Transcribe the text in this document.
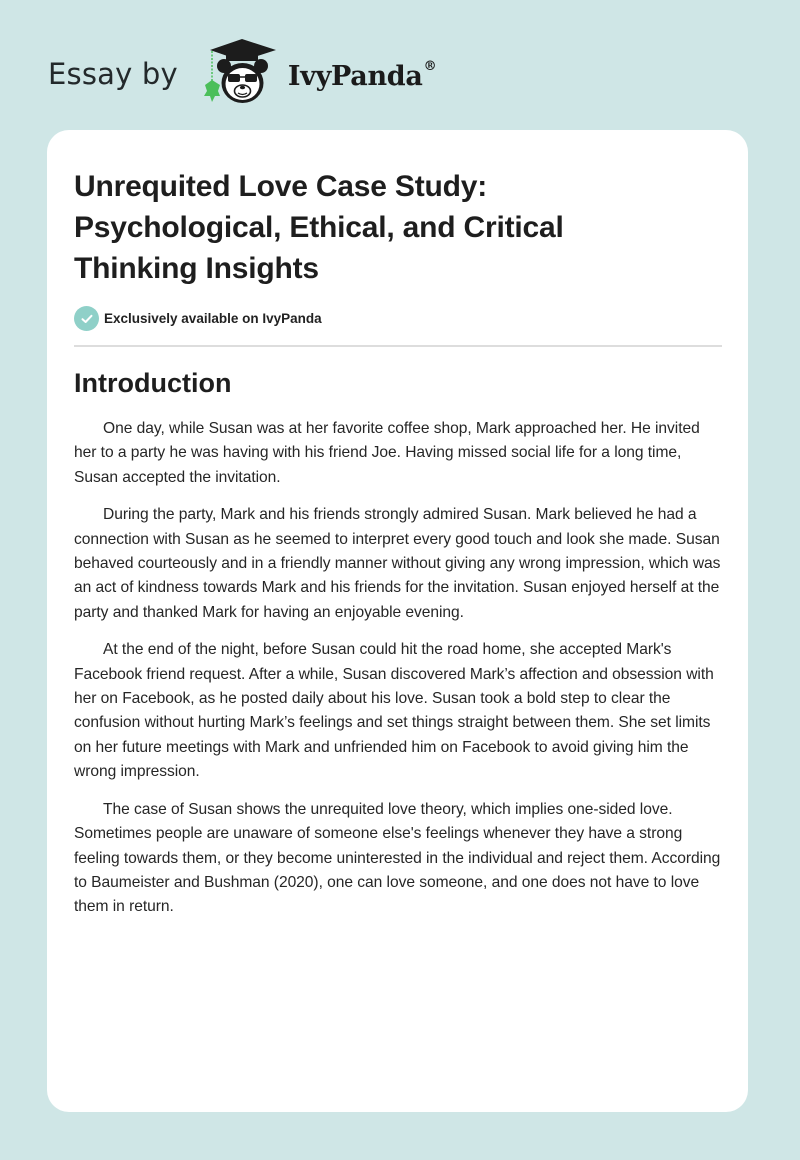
Essay by	IvyPanda®
Unrequited Love Case Study: Psychological, Ethical, and Critical Thinking Insights
Exclusively available on IvyPanda
Introduction

One day, while Susan was at her favorite coffee shop, Mark approached her. He invited her to a party he was having with his friend Joe. Having missed social life for a long time, Susan accepted the invitation.

During the party, Mark and his friends strongly admired Susan. Mark believed he had a connection with Susan as he seemed to interpret every good touch and look she made. Susan behaved courteously and in a friendly manner without giving any wrong impression, which was an act of kindness towards Mark and his friends for the invitation. Susan enjoyed herself at the party and thanked Mark for having an enjoyable evening.

At the end of the night, before Susan could hit the road home, she accepted Mark's Facebook friend request. After a while, Susan discovered Mark’s affection and obsession with her on Facebook, as he posted daily about his love. Susan took a bold step to clear the confusion without hurting Mark’s feelings and set things straight between them. She set limits on her future meetings with Mark and unfriended him on Facebook to avoid giving him the wrong impression.

The case of Susan shows the unrequited love theory, which implies one-sided love. Sometimes people are unaware of someone else's feelings whenever they have a strong feeling towards them, or they become uninterested in the individual and reject them. According to Baumeister and Bushman (2020), one can love someone, and one does not have to love them in return.
